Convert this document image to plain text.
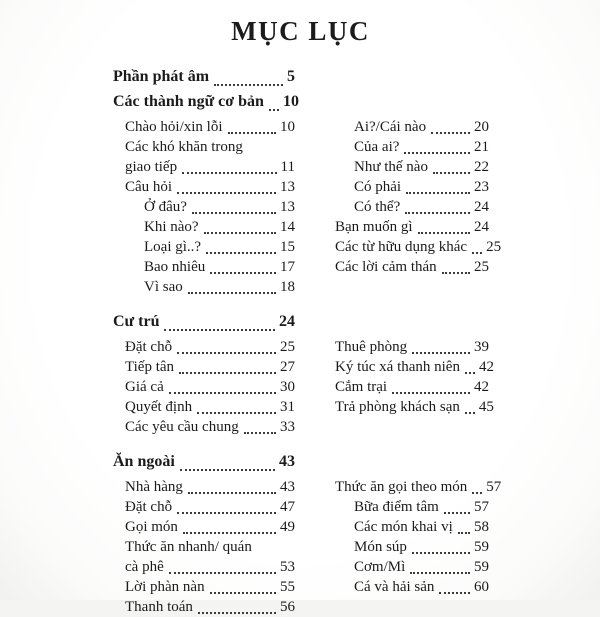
MỤC LỤC
Phần phát âm	5
Các thành ngữ cơ bản 10
Chào hỏi/xin lỗi	10
Các khó khăn trong
giao tiếp	11
Câu hỏi	13
Ở đâu?	13
Khi nào?	14
Loại gì..?	15
Bao nhiêu	17
Vì sao	18
Ai?/Cái nào	20
Của ai?	21
Như thế nào	22
Có phải	23
Có thể?	24
Bạn muốn gì	24
Các từ hữu dụng khác 25
Các lời cảm thán 25
Cư trú	24
Đặt chỗ	25
Tiếp tân	27
Giá cả	30
Quyết định	31
Các yêu cầu chung	33
Thuê phòng	39
Ký túc xá thanh niên 42
Cắm trại	42
Trả phòng khách sạn 45
Ăn ngoài	43
Nhà hàng	43
Đặt chỗ	47
Gọi món	49
Thức ăn nhanh/ quán
cà phê	53
Lời phàn nàn	55
Thanh toán	56
Thức ăn gọi theo món 57
Bữa điểm tâm 57
Các món khai vị 58
Món súp	59
Cơm/Mì	59
Cá và hải sản	60
